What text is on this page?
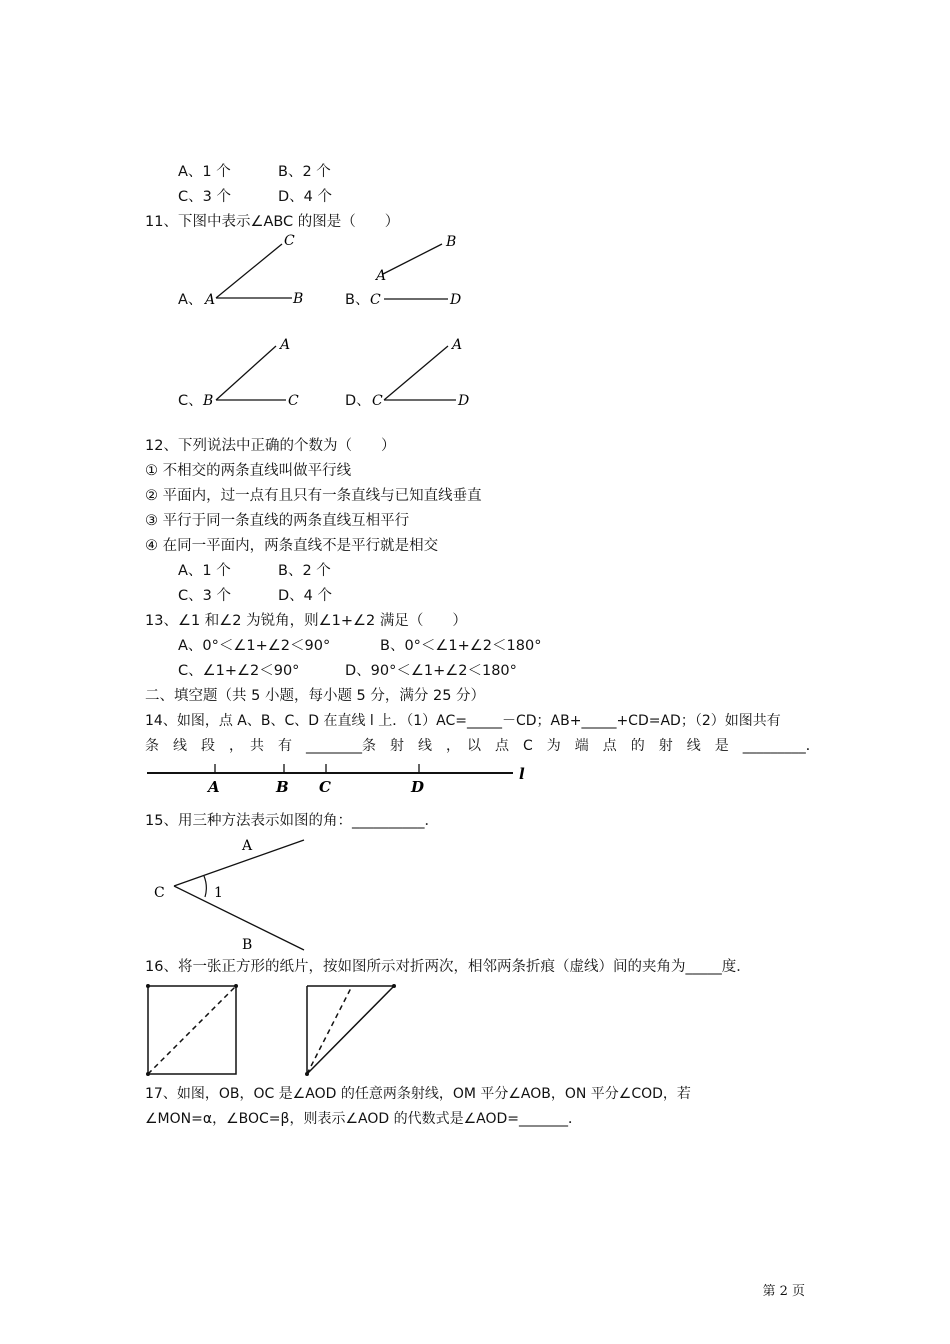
A、1 个	B、2 个
C、3 个	D、4 个
11、下图中表示∠ABC 的图是（　　）
A、
C
A	B	B、
B
A
C	D
C、
A
B	C	D、
A
C	D
12、下列说法中正确的个数为（　　）
① 不相交的两条直线叫做平行线
② 平面内，过一点有且只有一条直线与已知直线垂直
③ 平行于同一条直线的两条直线互相平行
④ 在同一平面内，两条直线不是平行就是相交
A、1 个	B、2 个
C、3 个	D、4 个
13、∠1 和∠2 为锐角，则∠1+∠2 满足（　　）
A、0°＜∠1+∠2＜90°	B、0°＜∠1+∠2＜180°
C、∠1+∠2＜90°	D、90°＜∠1+∠2＜180°
二、填空题（共 5 小题，每小题 5 分，满分 25 分）
14、如图，点 A、B、C、D 在直线 l 上．（1）AC=_____－CD；AB+_____+CD=AD；（2）如图共有
条　线　段　，　共　有　________条　射　线　，　以　点　C　为　端　点　的　射　线　是　_________．
A	B C	D
l
15、用三种方法表示如图的角：__________．
A
B
C	1
16、将一张正方形的纸片，按如图所示对折两次，相邻两条折痕（虚线）间的夹角为_____度．
17、如图，OB，OC 是∠AOD 的任意两条射线，OM 平分∠AOB，ON 平分∠COD，若
∠MON=α，∠BOC=β，则表示∠AOD 的代数式是∠AOD=_______．
第 2 页
